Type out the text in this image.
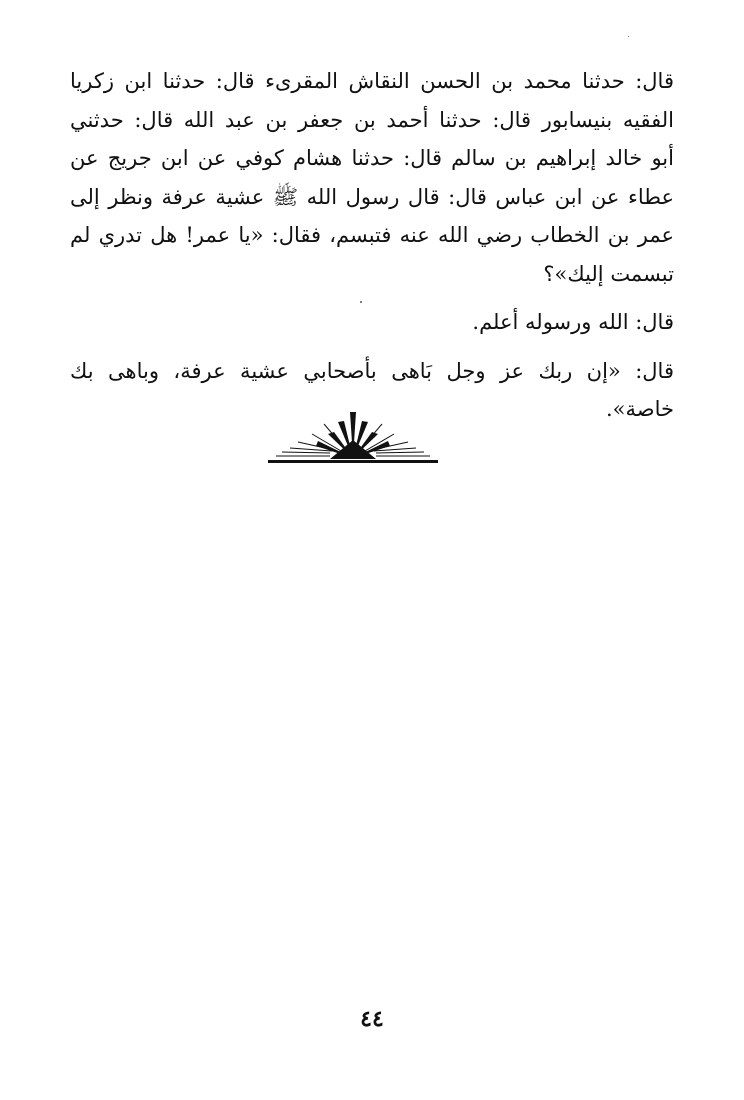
قال: حدثنا محمد بن الحسن النقاش المقرىء قال: حدثنا ابن زكريا
الفقيه بنيسابور قال: حدثنا أحمد بن جعفر بن عبد الله قال: حدثني
أبو خالد إبراهيم بن سالم قال: حدثنا هشام كوفي عن ابن جريج عن
عطاء عن ابن عباس قال: قال رسول الله ﷺ عشية عرفة ونظر إلى
عمر بن الخطاب رضي الله عنه فتبسم، فقال: «يا عمر! هل تدري لم
تبسمت إليك»؟
قال: الله ورسوله أعلم.
قال: «إن ربك عز وجل بَاهى بأصحابي عشية عرفة، وباهى بك
خاصة».
٤٤
